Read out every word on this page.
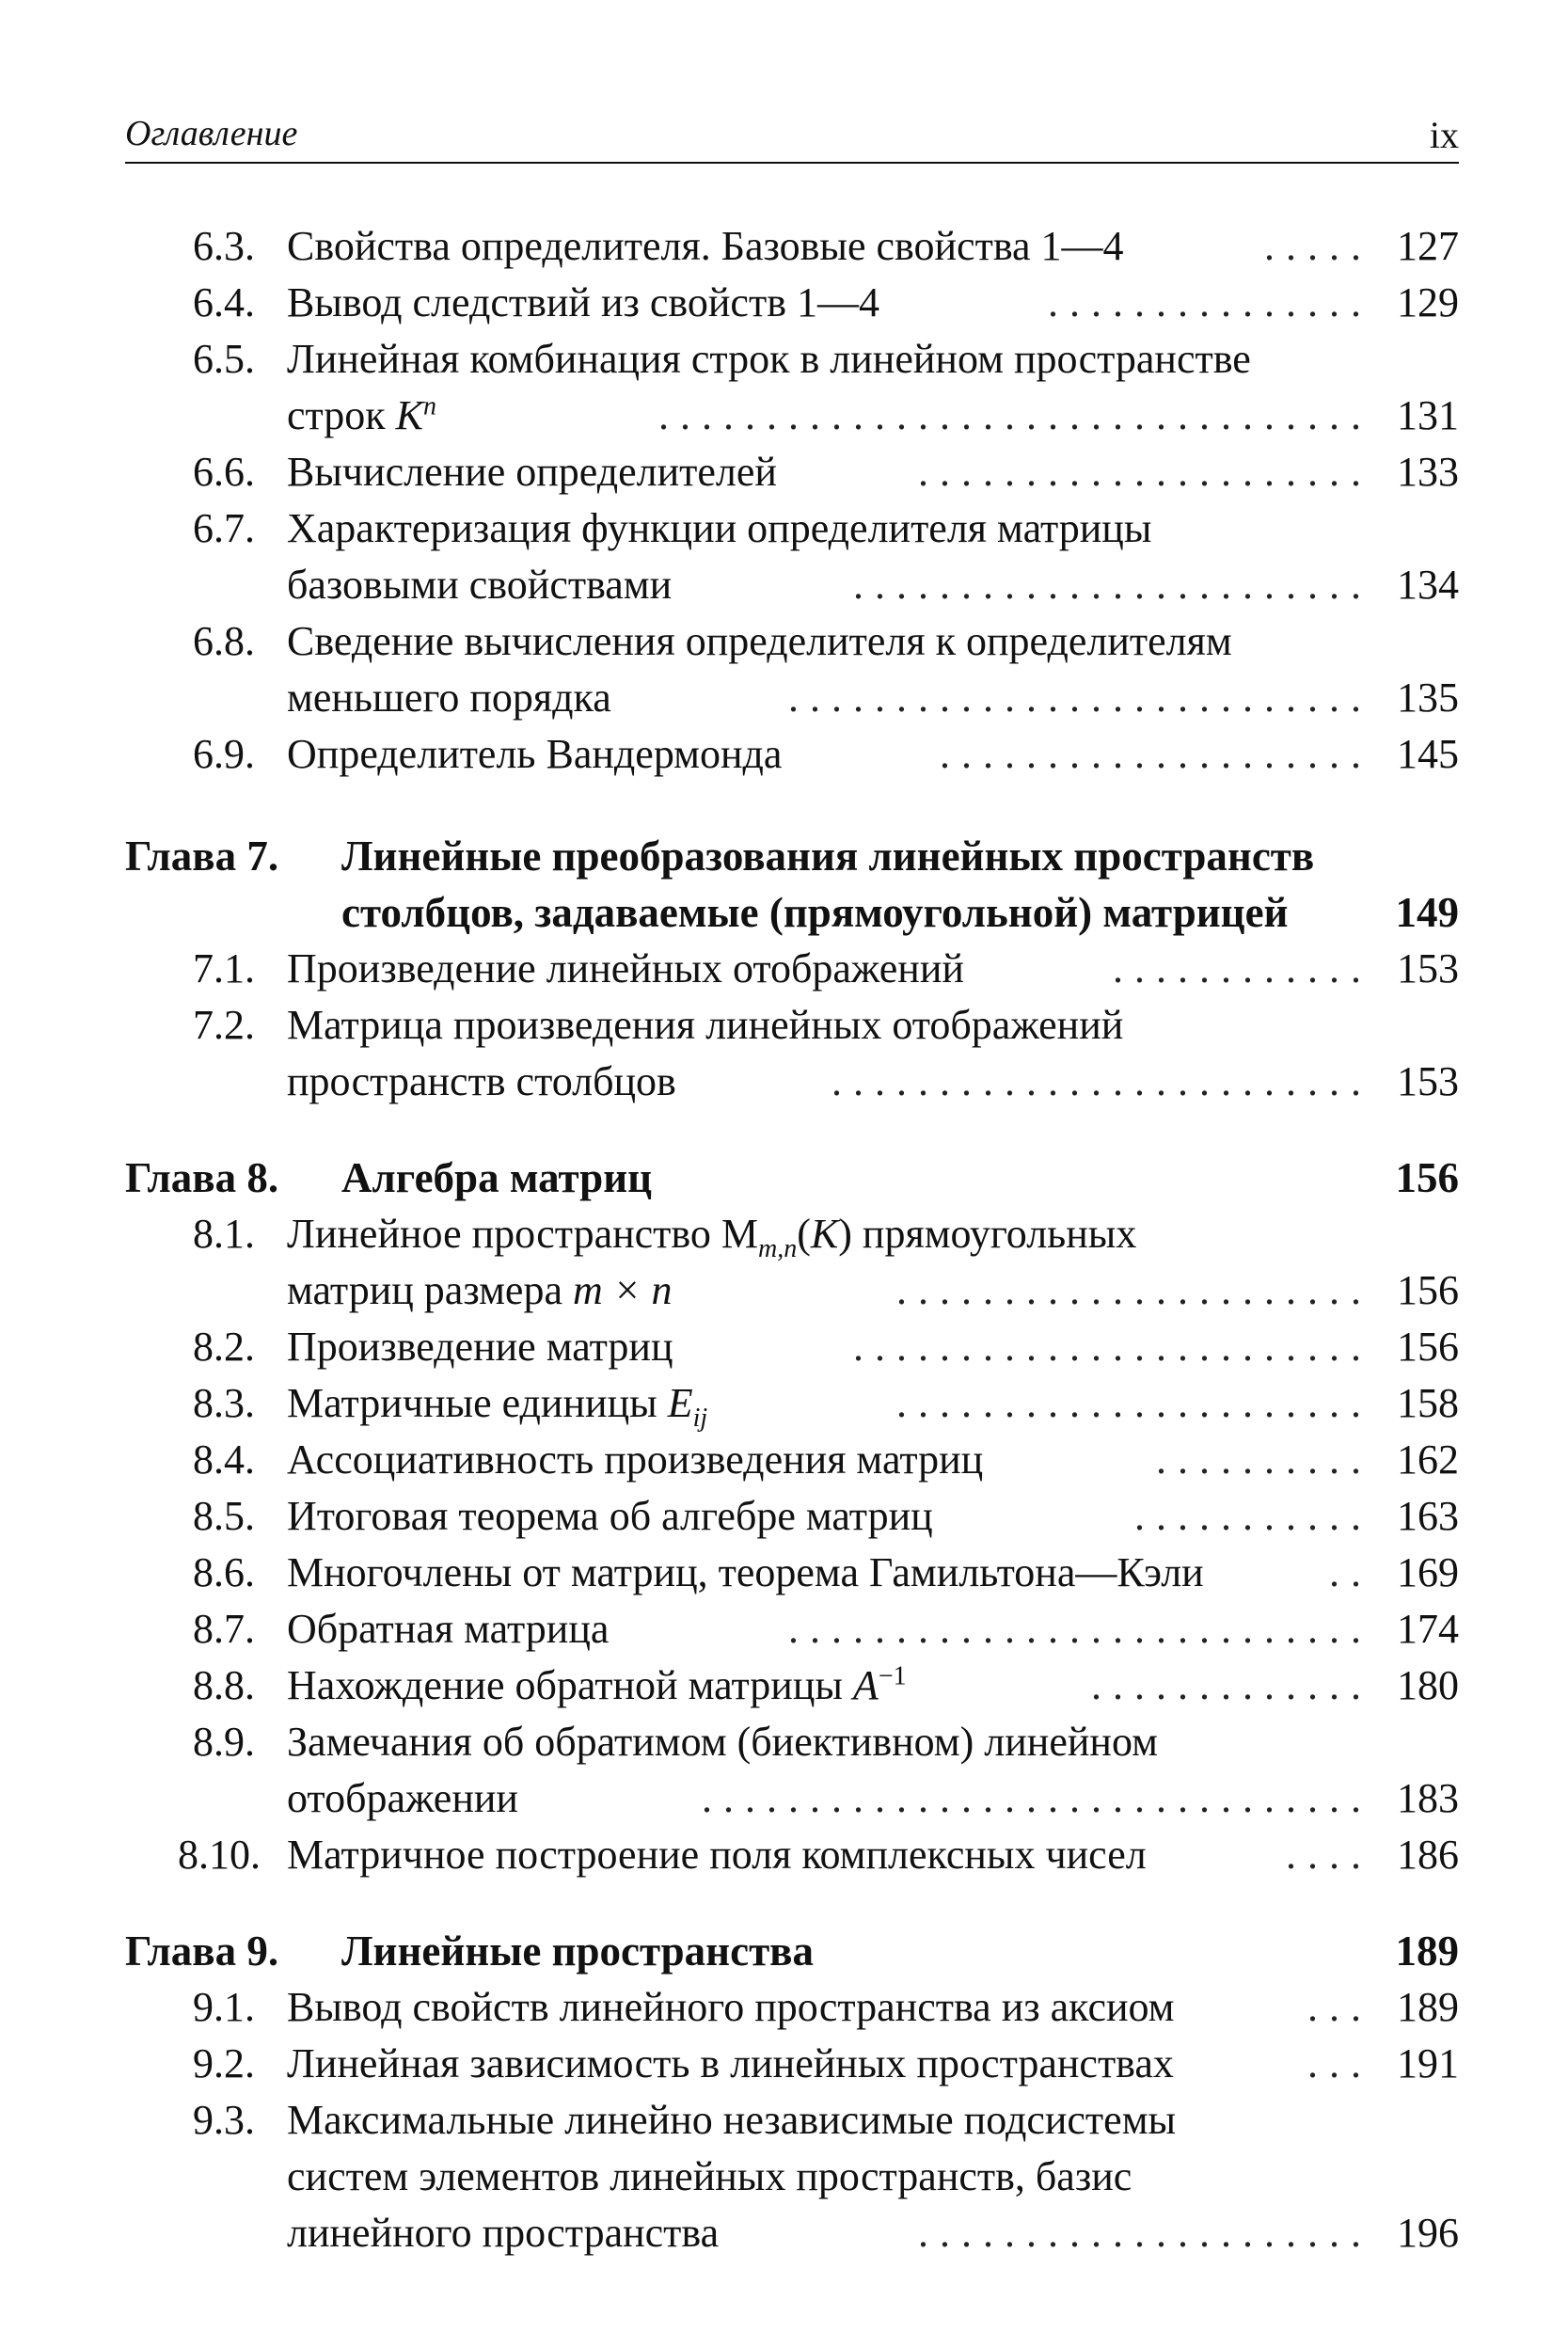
Оглавление	ix
6.3. Свойства определителя. Базовые свойства 1—4	..... 127
6.4. Вывод следствий из свойств 1—4	............... 129
6.5. Линейная комбинация строк в линейном пространстве
строк $K^n$	................................. 131
6.6. Вычисление определителей	..................... 133
6.7. Характеризация функции определителя матрицы
базовыми свойствами	........................ 134
6.8. Сведение вычисления определителя к определителям
меньшего порядка	........................... 135
6.9. Определитель Вандермонда	.................... 145
Глава 7. Линейные преобразования линейных пространств
столбцов, задаваемые (прямоугольной) матрицей	149
7.1. Произведение линейных отображений	............ 153
7.2. Матрица произведения линейных отображений
пространств столбцов	......................... 153
Глава 8. Алгебра матриц	156
8.1. Линейное пространство $M_{m,n}(K)$ прямоугольных
матриц размера m × n	...................... 156
8.2. Произведение матриц	........................ 156
8.3. Матричные единицы $E_{ij}$	...................... 158
8.4. Ассоциативность произведения матриц	.......... 162
8.5. Итоговая теорема об алгебре матриц	........... 163
8.6. Многочлены от матриц, теорема Гамильтона—Кэли	.. 169
8.7. Обратная матрица	........................... 174
8.8. Нахождение обратной матрицы $A^{-1}$	............. 180
8.9. Замечания об обратимом (биективном) линейном
отображении	............................... 183
8.10. Матричное построение поля комплексных чисел	.... 186
Глава 9. Линейные пространства	189
9.1. Вывод свойств линейного пространства из аксиом	... 189
9.2. Линейная зависимость в линейных пространствах	... 191
9.3. Максимальные линейно независимые подсистемы
систем элементов линейных пространств, базис
линейного пространства	..................... 196
